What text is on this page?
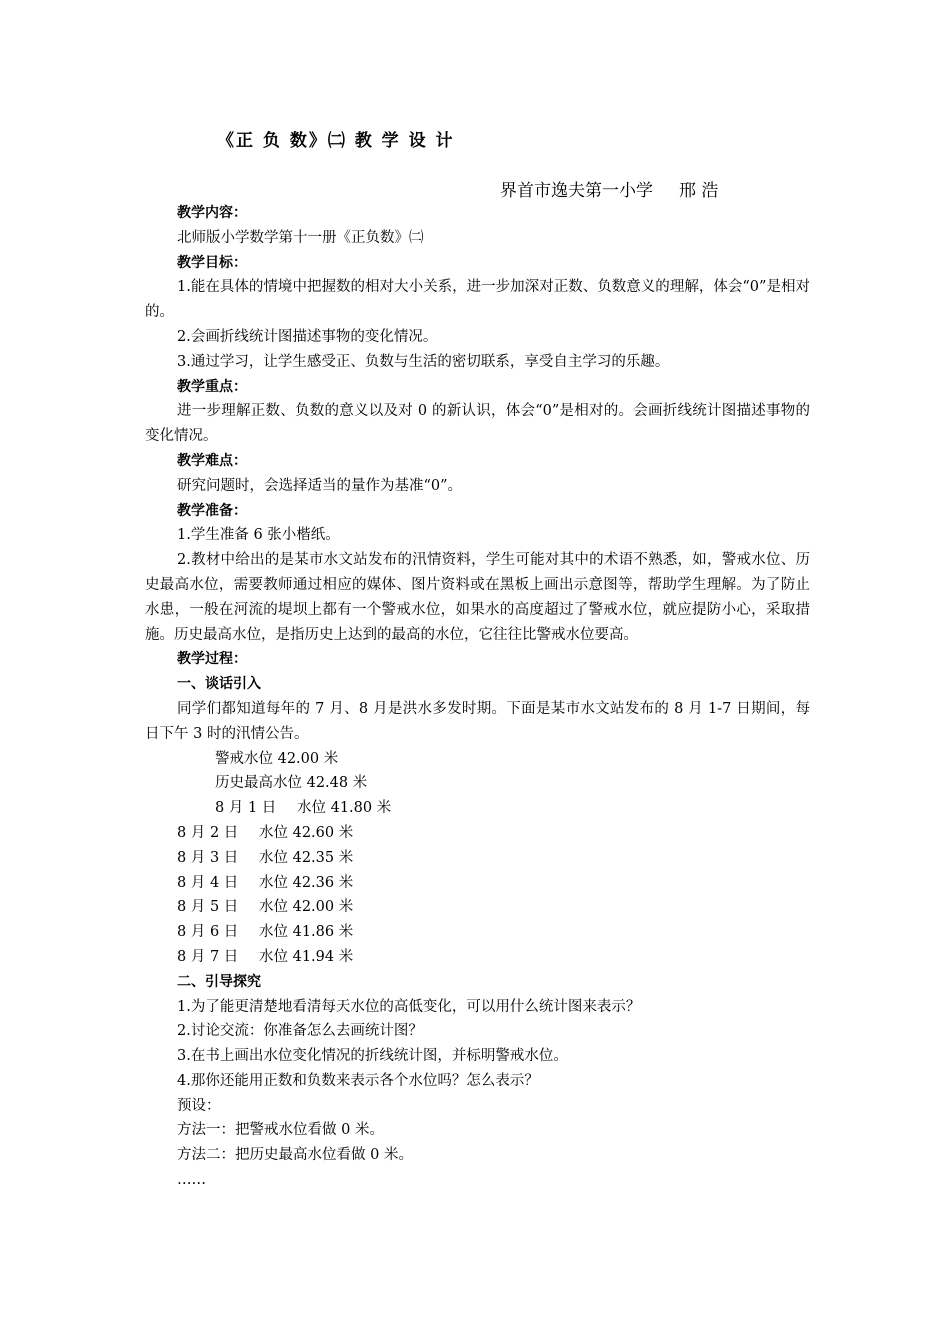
《正 负 数》㈡ 教 学 设 计
界首市逸夫第一小学 邢 浩

教学内容：

北师版小学数学第十一册《正负数》㈡

教学目标：

1.能在具体的情境中把握数的相对大小关系，进一步加深对正数、负数意义的理解，体会“0”是相对的。

2.会画折线统计图描述事物的变化情况。

3.通过学习，让学生感受正、负数与生活的密切联系，享受自主学习的乐趣。

教学重点：

进一步理解正数、负数的意义以及对 0 的新认识，体会“0”是相对的。会画折线统计图描述事物的变化情况。

教学难点：

研究问题时，会选择适当的量作为基准“0”。

教学准备：

1.学生准备 6 张小楷纸。

2.教材中给出的是某市水文站发布的汛情资料，学生可能对其中的术语不熟悉，如，警戒水位、历史最高水位，需要教师通过相应的媒体、图片资料或在黑板上画出示意图等，帮助学生理解。为了防止水患，一般在河流的堤坝上都有一个警戒水位，如果水的高度超过了警戒水位，就应提防小心，采取措施。历史最高水位，是指历史上达到的最高的水位，它往往比警戒水位要高。

教学过程：

一、谈话引入

同学们都知道每年的 7 月、8 月是洪水多发时期。下面是某市水文站发布的 8 月 1-7 日期间，每日下午 3 时的汛情公告。

警戒水位 42.00 米

历史最高水位 42.48 米

8 月 1 日 水位 41.80 米

8 月 2 日 水位 42.60 米

8 月 3 日 水位 42.35 米

8 月 4 日 水位 42.36 米

8 月 5 日 水位 42.00 米

8 月 6 日 水位 41.86 米

8 月 7 日 水位 41.94 米

二、引导探究

1.为了能更清楚地看清每天水位的高低变化，可以用什么统计图来表示？

2.讨论交流：你准备怎么去画统计图？

3.在书上画出水位变化情况的折线统计图，并标明警戒水位。

4.那你还能用正数和负数来表示各个水位吗？怎么表示？

预设：

方法一：把警戒水位看做 0 米。

方法二：把历史最高水位看做 0 米。

……
